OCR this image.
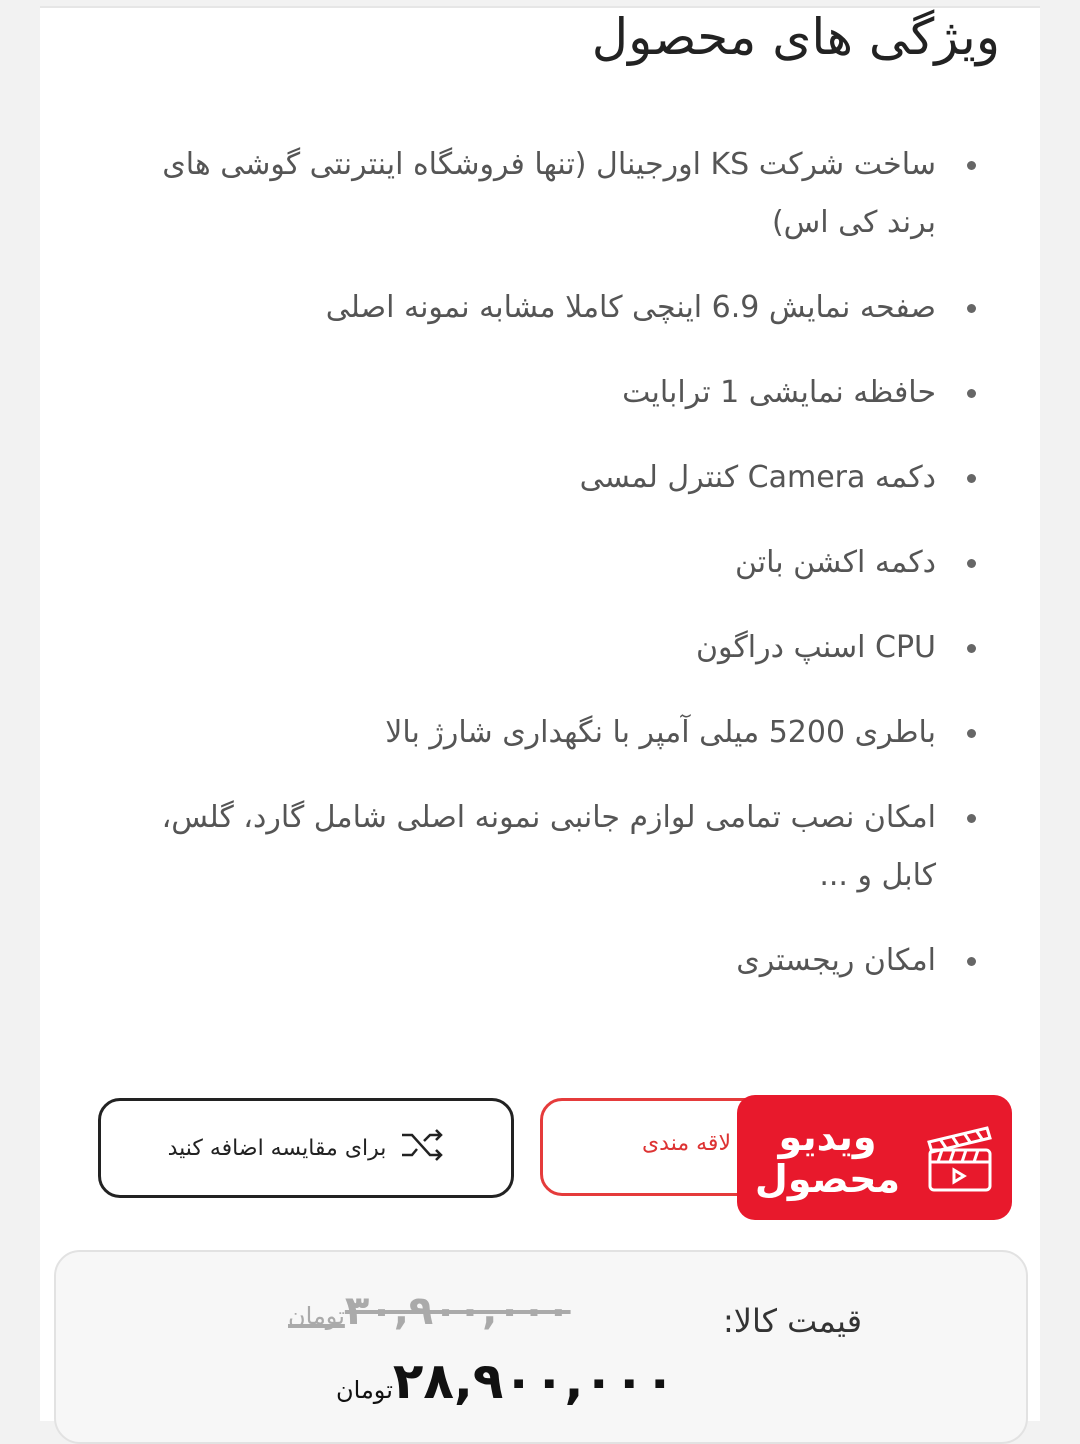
ویژگی های محصول
ساخت شرکت KS اورجینال (تنها فروشگاه اینترنتی گوشی های برند کی اس)
صفحه نمایش 6.9 اینچی کاملا مشابه نمونه اصلی
حافظه نمایشی 1 ترابایت
دکمه Camera کنترل لمسی
دکمه اکشن باتن
CPU اسنپ دراگون
باطری 5200 میلی آمپر با نگهداری شارژ بالا
امکان نصب تمامی لوازم جانبی نمونه اصلی شامل گارد، گلس، کابل و ...
امکان ریجستری
برای مقایسه اضافه کنید	لاقه مندی	ویدیو
محصول
قیمت کالا:
۳۰,۹۰۰,۰۰۰تومان
۲۸,۹۰۰,۰۰۰تومان
